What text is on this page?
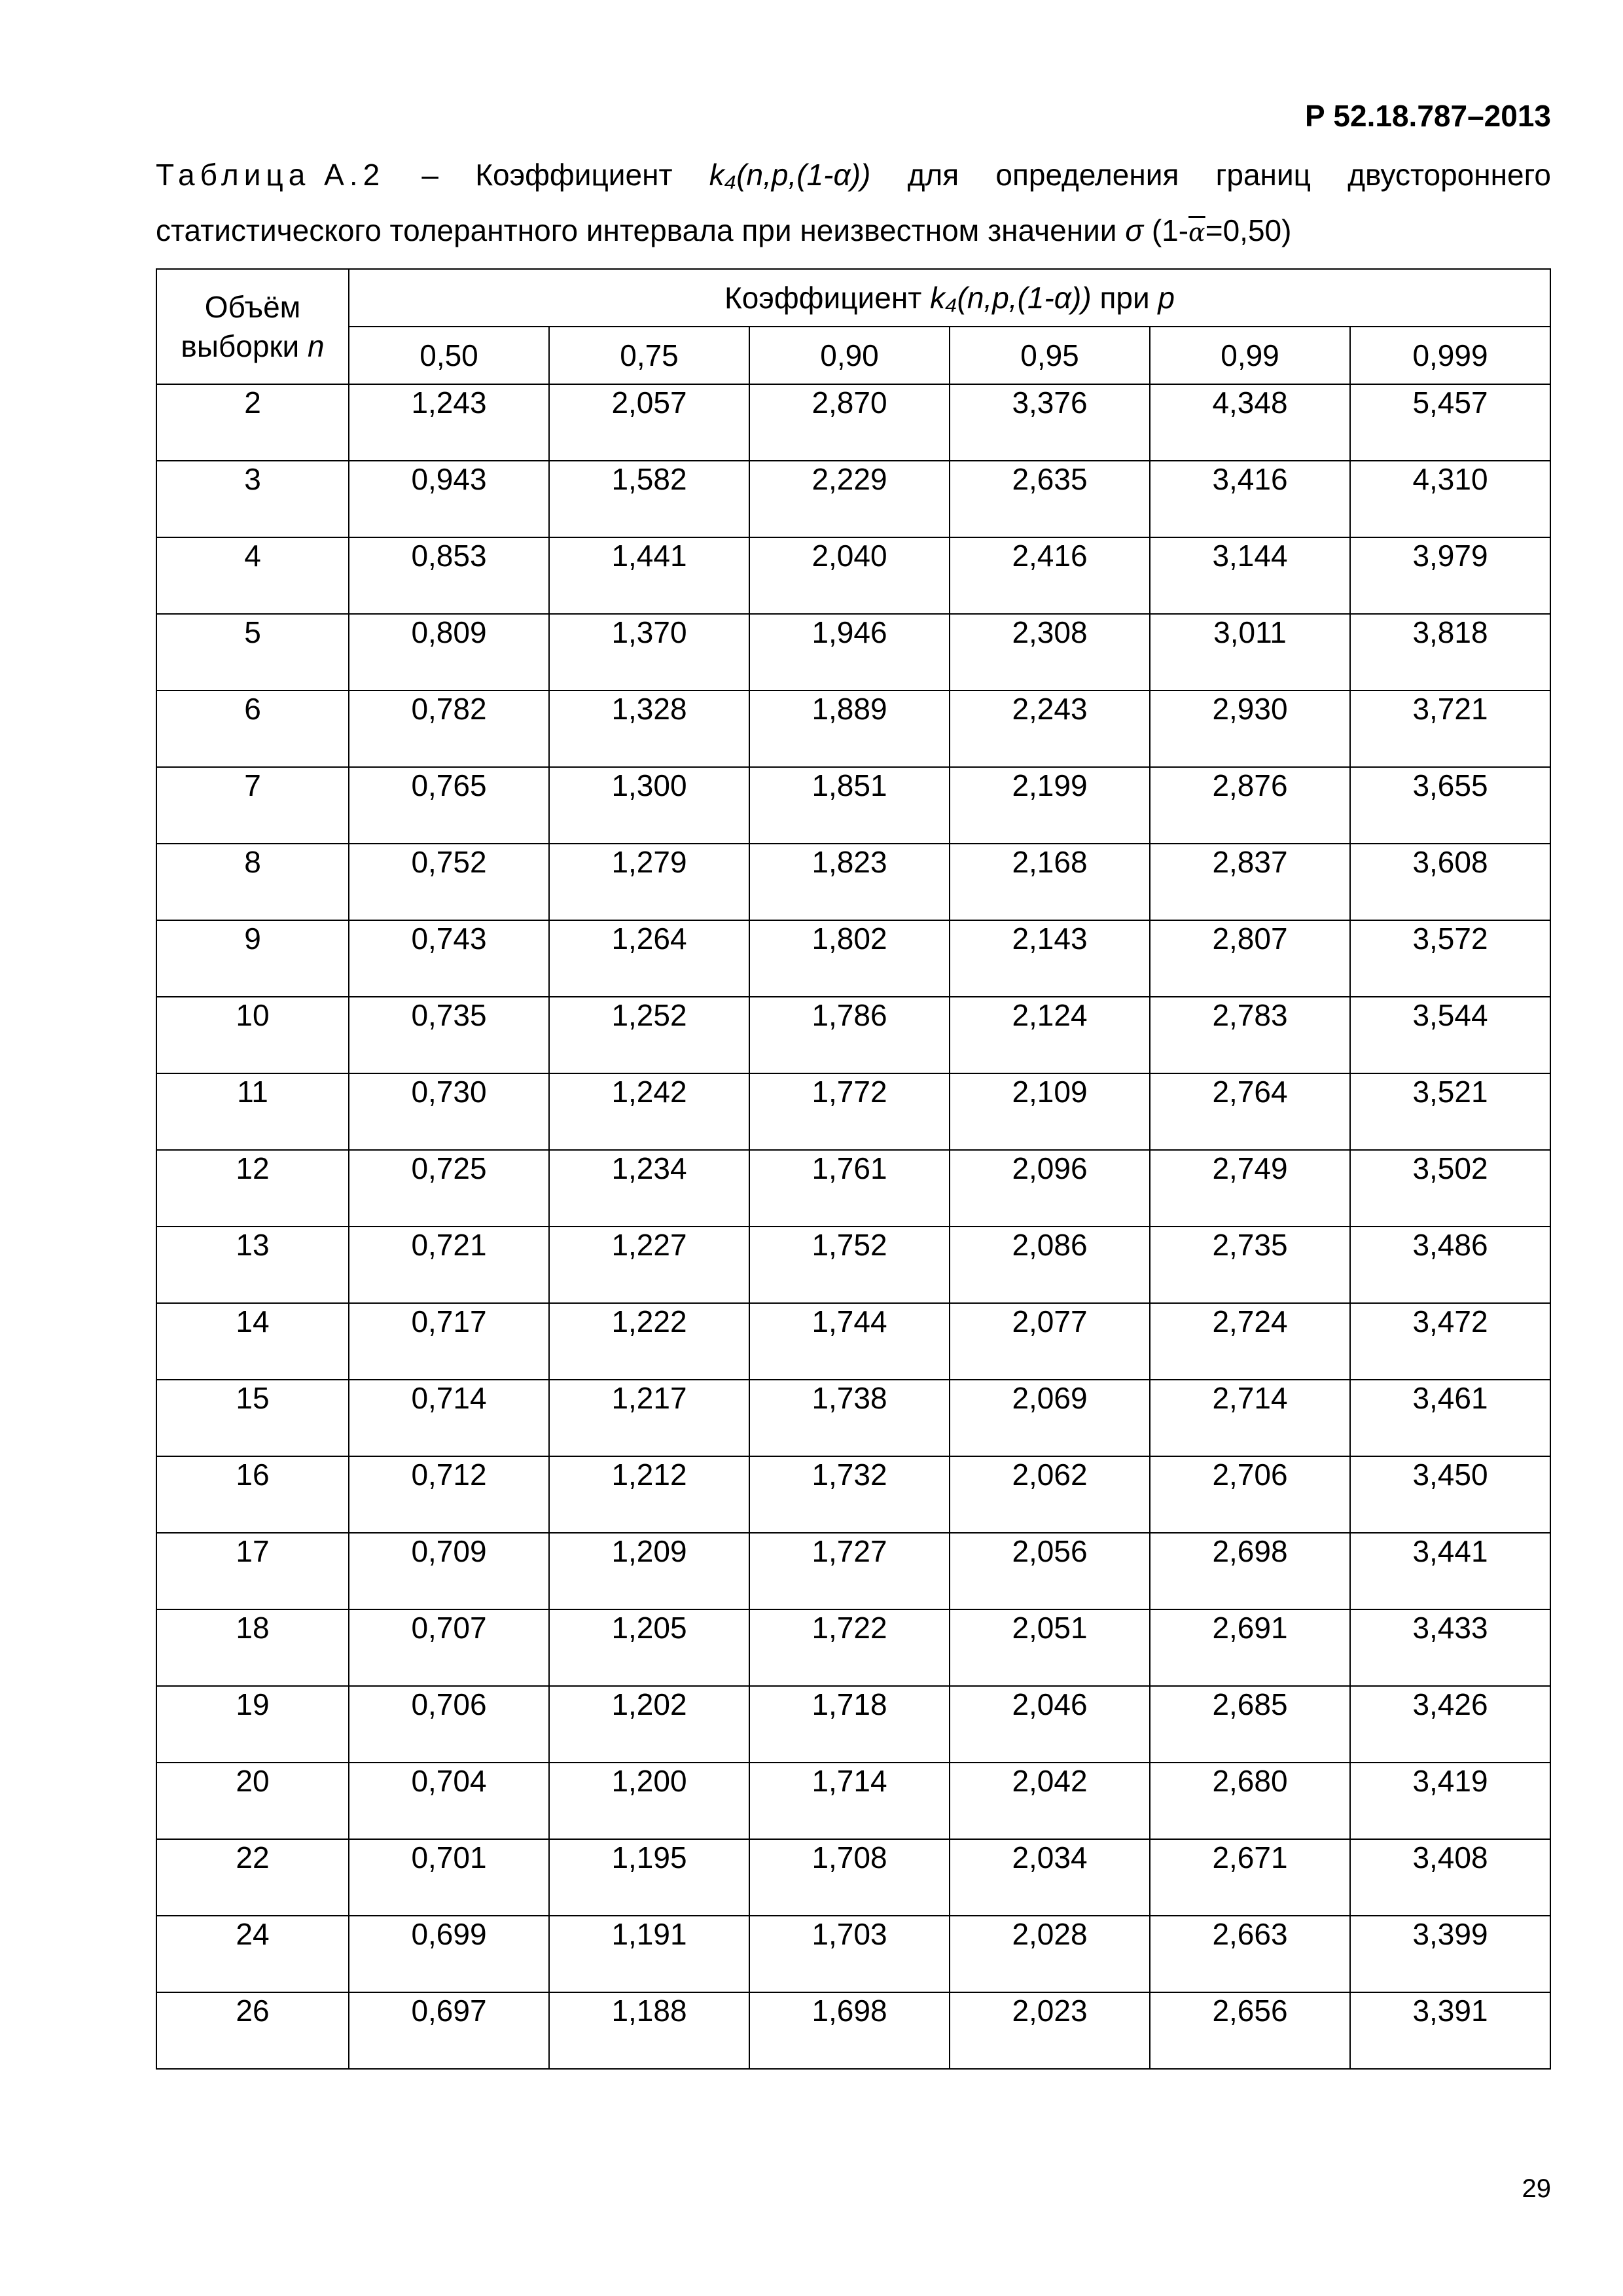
Р 52.18.787–2013
Таблица А.2 – Коэффициент k₄(n,p,(1-α)) для определения границ двустороннего
статистического толерантного интервала при неизвестном значении σ $(1-\overline{\alpha}=0,50)$
Объём
выборки n	Коэффициент k₄(n,p,(1-α)) при p					
	0,50	0,75	0,90	0,95	0,99	0,999
2	1,243	2,057	2,870	3,376	4,348	5,457
3	0,943	1,582	2,229	2,635	3,416	4,310
4	0,853	1,441	2,040	2,416	3,144	3,979
5	0,809	1,370	1,946	2,308	3,011	3,818
6	0,782	1,328	1,889	2,243	2,930	3,721
7	0,765	1,300	1,851	2,199	2,876	3,655
8	0,752	1,279	1,823	2,168	2,837	3,608
9	0,743	1,264	1,802	2,143	2,807	3,572
10	0,735	1,252	1,786	2,124	2,783	3,544
11	0,730	1,242	1,772	2,109	2,764	3,521
12	0,725	1,234	1,761	2,096	2,749	3,502
13	0,721	1,227	1,752	2,086	2,735	3,486
14	0,717	1,222	1,744	2,077	2,724	3,472
15	0,714	1,217	1,738	2,069	2,714	3,461
16	0,712	1,212	1,732	2,062	2,706	3,450
17	0,709	1,209	1,727	2,056	2,698	3,441
18	0,707	1,205	1,722	2,051	2,691	3,433
19	0,706	1,202	1,718	2,046	2,685	3,426
20	0,704	1,200	1,714	2,042	2,680	3,419
22	0,701	1,195	1,708	2,034	2,671	3,408
24	0,699	1,191	1,703	2,028	2,663	3,399
26	0,697	1,188	1,698	2,023	2,656	3,391
29
